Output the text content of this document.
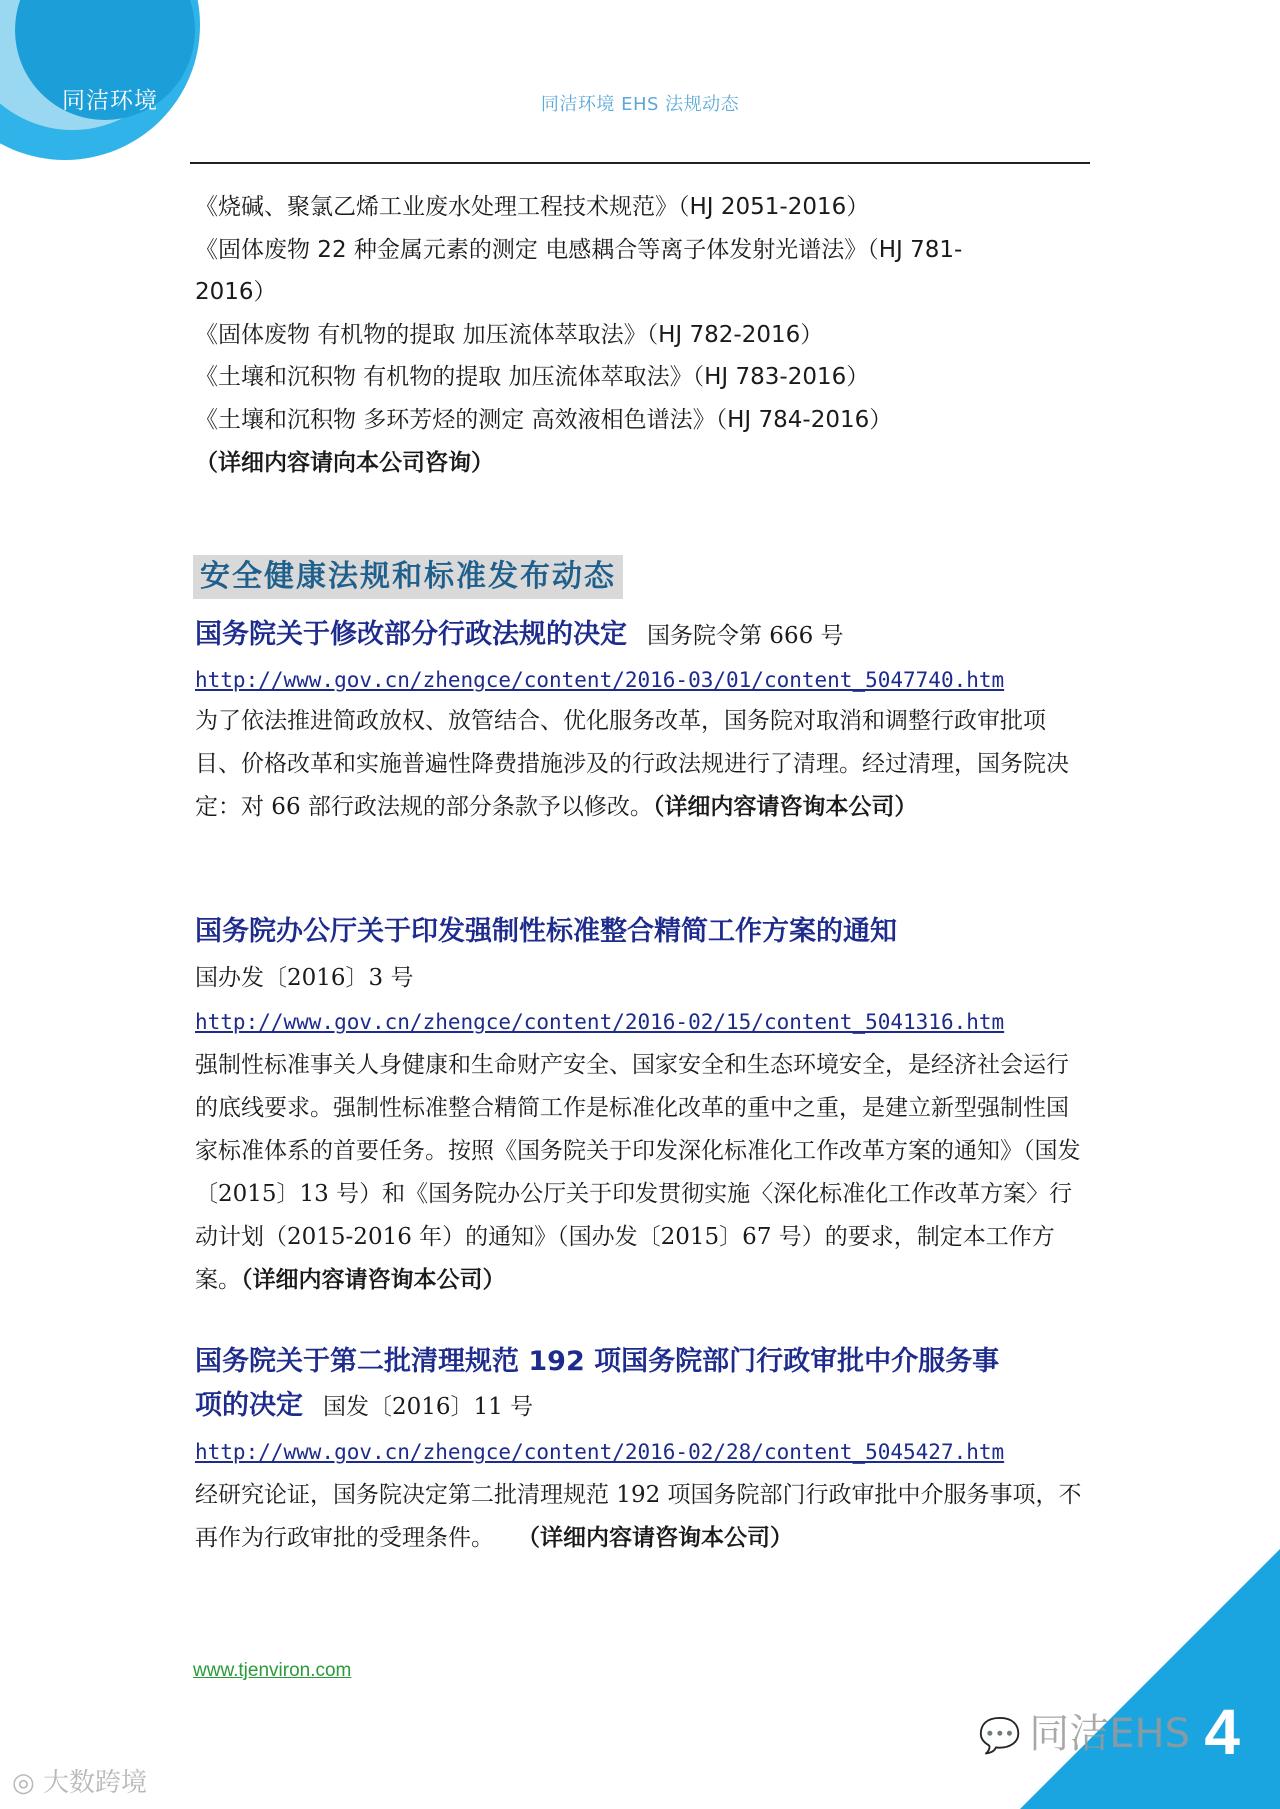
同洁环境	同洁环境 EHS 法规动态
《烧碱、聚氯乙烯工业废水处理工程技术规范》（HJ 2051-2016）
《固体废物 22 种金属元素的测定 电感耦合等离子体发射光谱法》（HJ 781-
2016）
《固体废物 有机物的提取 加压流体萃取法》（HJ 782-2016）
《土壤和沉积物 有机物的提取 加压流体萃取法》（HJ 783-2016）
《土壤和沉积物 多环芳烃的测定 高效液相色谱法》（HJ 784-2016）
（详细内容请向本公司咨询）
安全健康法规和标准发布动态
国务院关于修改部分行政法规的决定 国务院令第 666 号
http://www.gov.cn/zhengce/content/2016-03/01/content_5047740.htm
为了依法推进简政放权、放管结合、优化服务改革，国务院对取消和调整行政审批项目、价格改革和实施普遍性降费措施涉及的行政法规进行了清理。经过清理，国务院决定：对 66 部行政法规的部分条款予以修改。（详细内容请咨询本公司）
国务院办公厅关于印发强制性标准整合精简工作方案的通知
国办发〔2016〕3 号
http://www.gov.cn/zhengce/content/2016-02/15/content_5041316.htm
强制性标准事关人身健康和生命财产安全、国家安全和生态环境安全，是经济社会运行的底线要求。强制性标准整合精简工作是标准化改革的重中之重，是建立新型强制性国家标准体系的首要任务。按照《国务院关于印发深化标准化工作改革方案的通知》（国发〔2015〕13 号）和《国务院办公厅关于印发贯彻实施〈深化标准化工作改革方案〉行动计划（2015-2016 年）的通知》（国办发〔2015〕67 号）的要求，制定本工作方案。（详细内容请咨询本公司）
国务院关于第二批清理规范 192 项国务院部门行政审批中介服务事
项的决定 国发〔2016〕11 号
http://www.gov.cn/zhengce/content/2016-02/28/content_5045427.htm
经研究论证，国务院决定第二批清理规范 192 项国务院部门行政审批中介服务事项，不再作为行政审批的受理条件。　　（详细内容请咨询本公司）
www.tjenviron.com
💬 同洁EHS 4
◎ 大数跨境
